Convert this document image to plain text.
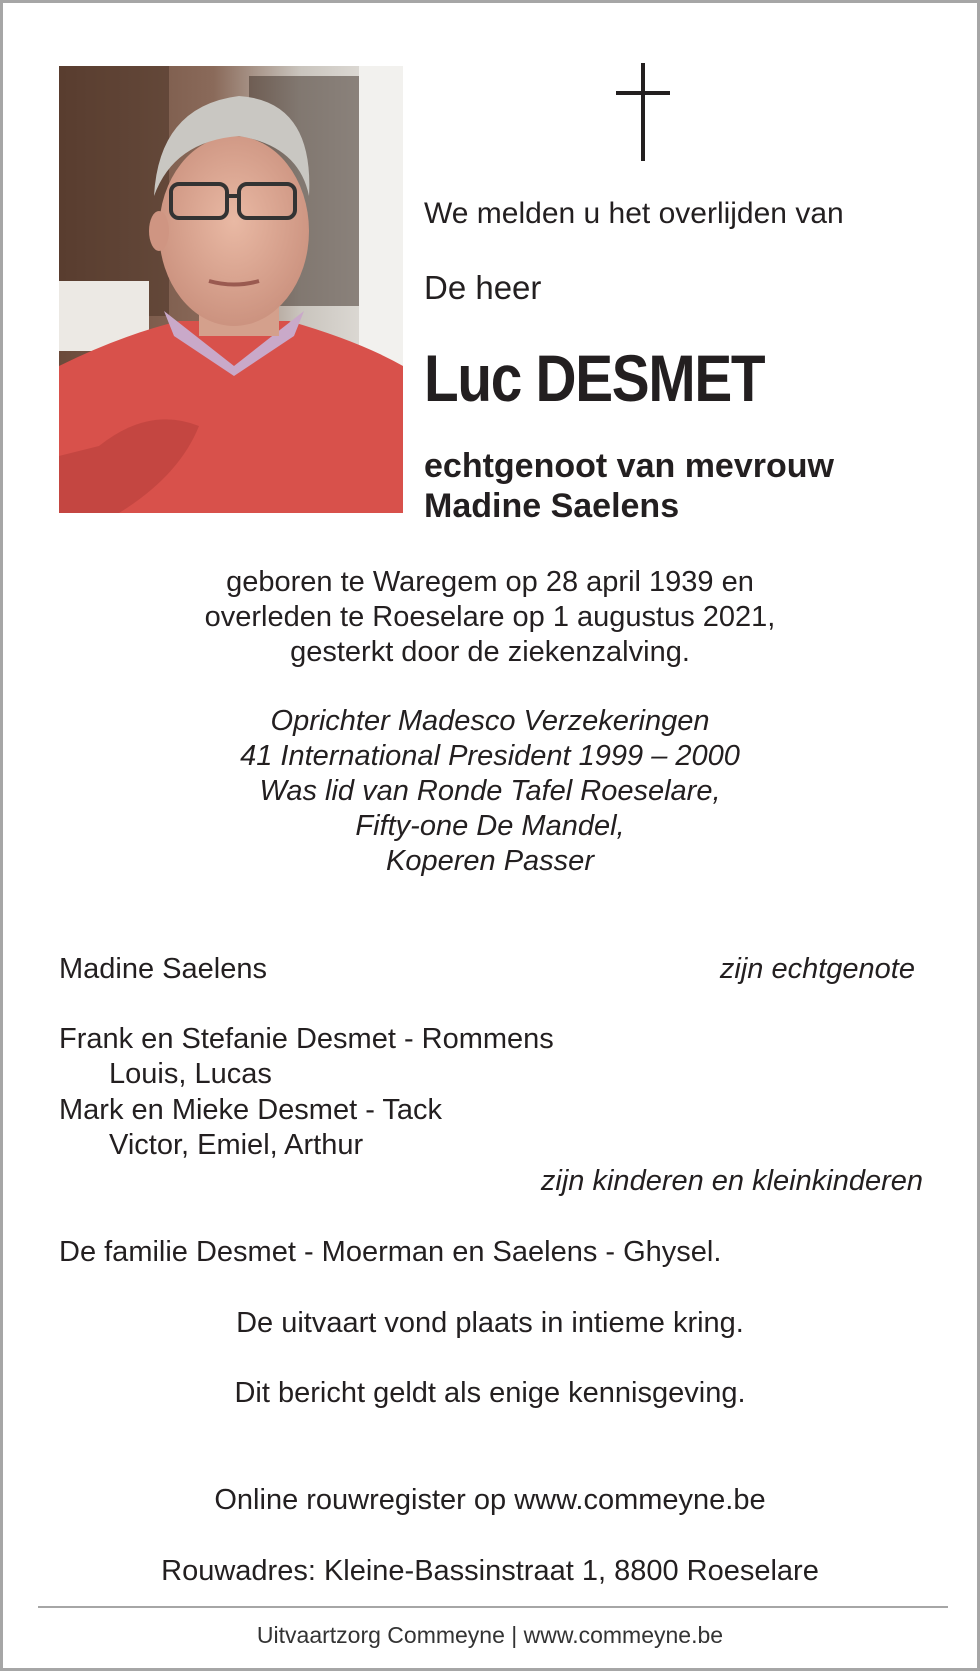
We melden u het overlijden van
De heer
Luc DESMET
echtgenoot van mevrouw
Madine Saelens
geboren te Waregem op 28 april 1939 en
overleden te Roeselare op 1 augustus 2021,
gesterkt door de ziekenzalving.
Oprichter Madesco Verzekeringen
41 International President 1999 – 2000
Was lid van Ronde Tafel Roeselare,
Fifty-one De Mandel,
Koperen Passer
Madine Saelens	zijn echtgenote
Frank en Stefanie Desmet - Rommens
Louis, Lucas
Mark en Mieke Desmet - Tack
Victor, Emiel, Arthur
zijn kinderen en kleinkinderen
De familie Desmet - Moerman en Saelens - Ghysel.
De uitvaart vond plaats in intieme kring.
Dit bericht geldt als enige kennisgeving.
Online rouwregister op www.commeyne.be
Rouwadres: Kleine-Bassinstraat 1, 8800 Roeselare
Uitvaartzorg Commeyne | www.commeyne.be
